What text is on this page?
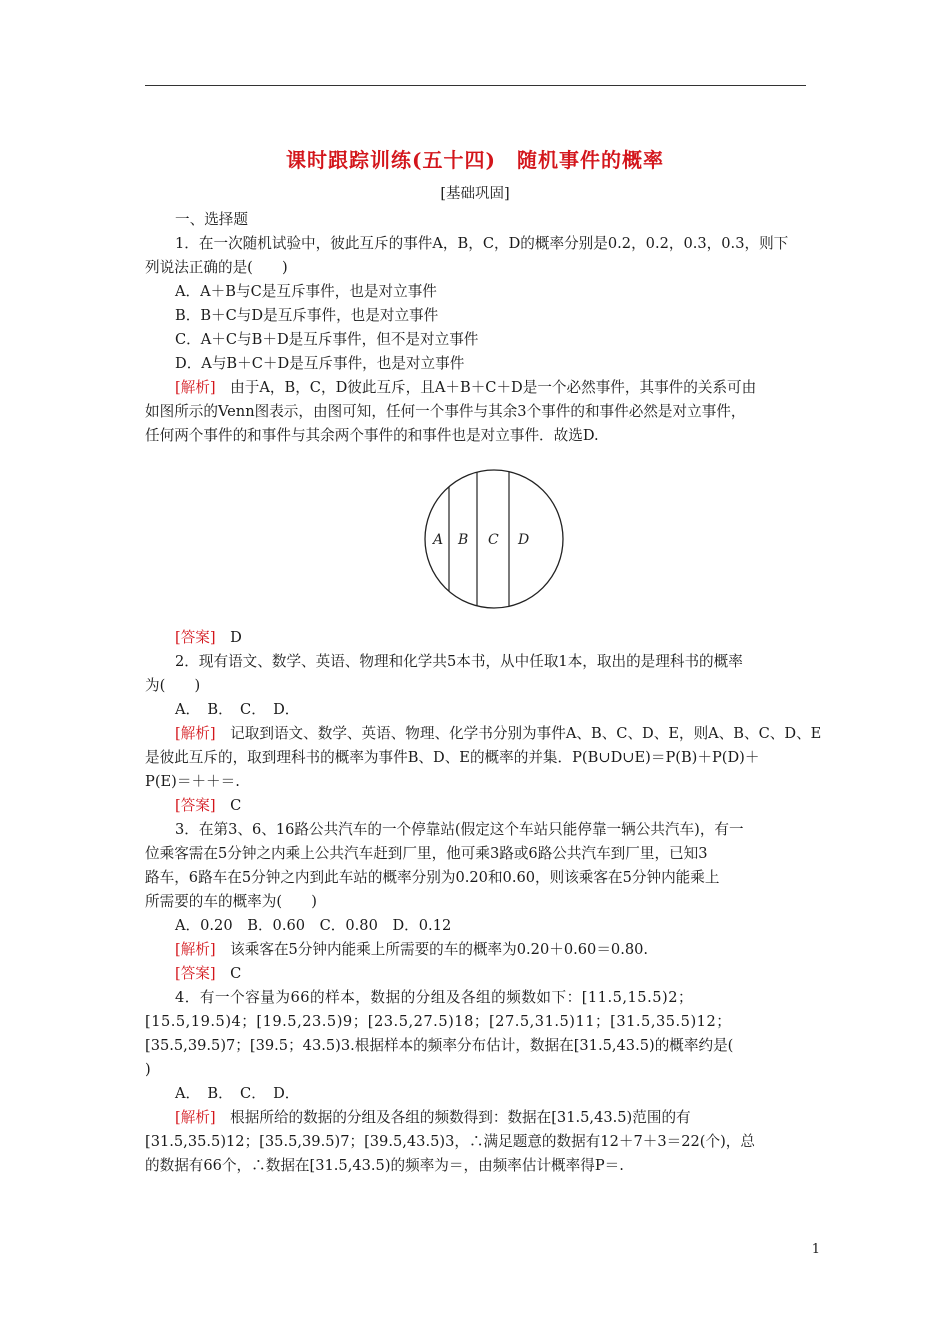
课时跟踪训练(五十四)　随机事件的概率
[基础巩固]
一、选择题
1．在一次随机试验中，彼此互斥的事件A，B，C，D的概率分别是0.2，0.2，0.3，0.3，则下
列说法正确的是(　　)
A．A＋B与C是互斥事件，也是对立事件
B．B＋C与D是互斥事件，也是对立事件
C．A＋C与B＋D是互斥事件，但不是对立事件
D．A与B＋C＋D是互斥事件，也是对立事件
[解析]　由于A，B，C，D彼此互斥，且A＋B＋C＋D是一个必然事件，其事件的关系可由
如图所示的Venn图表示，由图可知，任何一个事件与其余3个事件的和事件必然是对立事件，
任何两个事件的和事件与其余两个事件的和事件也是对立事件．故选D.
A B C D
[答案]　D
2．现有语文、数学、英语、物理和化学共5本书，从中任取1本，取出的是理科书的概率
为(　　)
A．　B．　C．　D．
[解析]　记取到语文、数学、英语、物理、化学书分别为事件A、B、C、D、E，则A、B、C、D、E
是彼此互斥的，取到理科书的概率为事件B、D、E的概率的并集．P(B∪D∪E)＝P(B)＋P(D)＋
P(E)＝＋＋＝.
[答案]　C
3．在第3、6、16路公共汽车的一个停靠站(假定这个车站只能停靠一辆公共汽车)，有一
位乘客需在5分钟之内乘上公共汽车赶到厂里，他可乘3路或6路公共汽车到厂里，已知3
路车，6路车在5分钟之内到此车站的概率分别为0.20和0.60，则该乘客在5分钟内能乘上
所需要的车的概率为(　　)
A．0.20　B．0.60　C．0.80　D．0.12
[解析]　该乘客在5分钟内能乘上所需要的车的概率为0.20＋0.60＝0.80.
[答案]　C
4．有一个容量为66的样本，数据的分组及各组的频数如下：[11.5,15.5)2；
[15.5,19.5)4；[19.5,23.5)9；[23.5,27.5)18；[27.5,31.5)11；[31.5,35.5)12；
[35.5,39.5)7；[39.5；43.5)3.根据样本的频率分布估计，数据在[31.5,43.5)的概率约是(
)
A．　B．　C．　D．
[解析]　根据所给的数据的分组及各组的频数得到：数据在[31.5,43.5)范围的有
[31.5,35.5)12；[35.5,39.5)7；[39.5,43.5)3，∴满足题意的数据有12＋7＋3＝22(个)，总
的数据有66个，∴数据在[31.5,43.5)的频率为＝，由频率估计概率得P＝.
1
